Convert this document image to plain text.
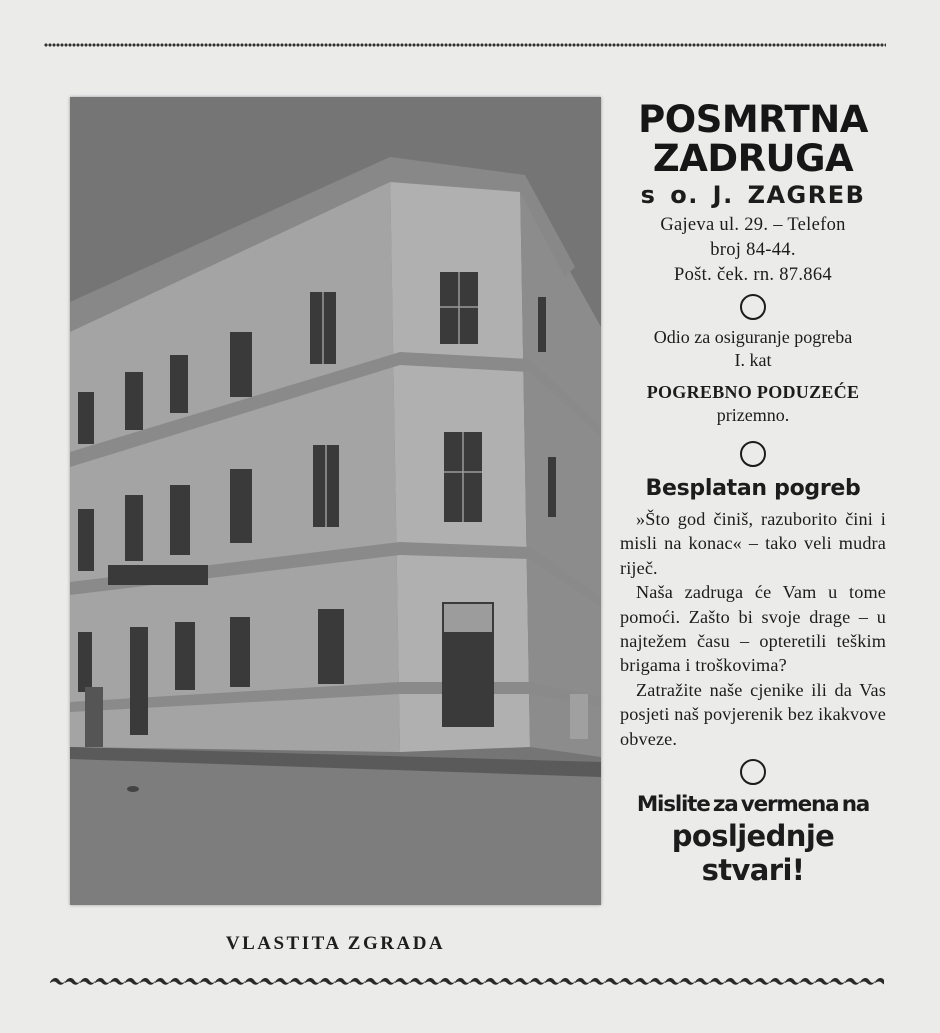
VLASTITA ZGRADA
POSMRTNA
ZADRUGA
s o. J. ZAGREB
Gajeva ul. 29. – Telefon
broj 84-44.
Pošt. ček. rn. 87.864
Odio za osiguranje pogreba
I. kat
POGREBNO PODUZEĆE
prizemno.
Besplatan pogreb

»Što god činiš, razuborito čini i misli na konac« – tako veli mudra riječ.

Naša zadruga će Vam u tome pomoći. Zašto bi svoje drage – u najtežem času – opteretili teškim brigama i troškovima?

Zatražite naše cjenike ili da Vas posjeti naš povjerenik bez ikakvove obveze.

Mislite za vermena na
posljednje stvari!
